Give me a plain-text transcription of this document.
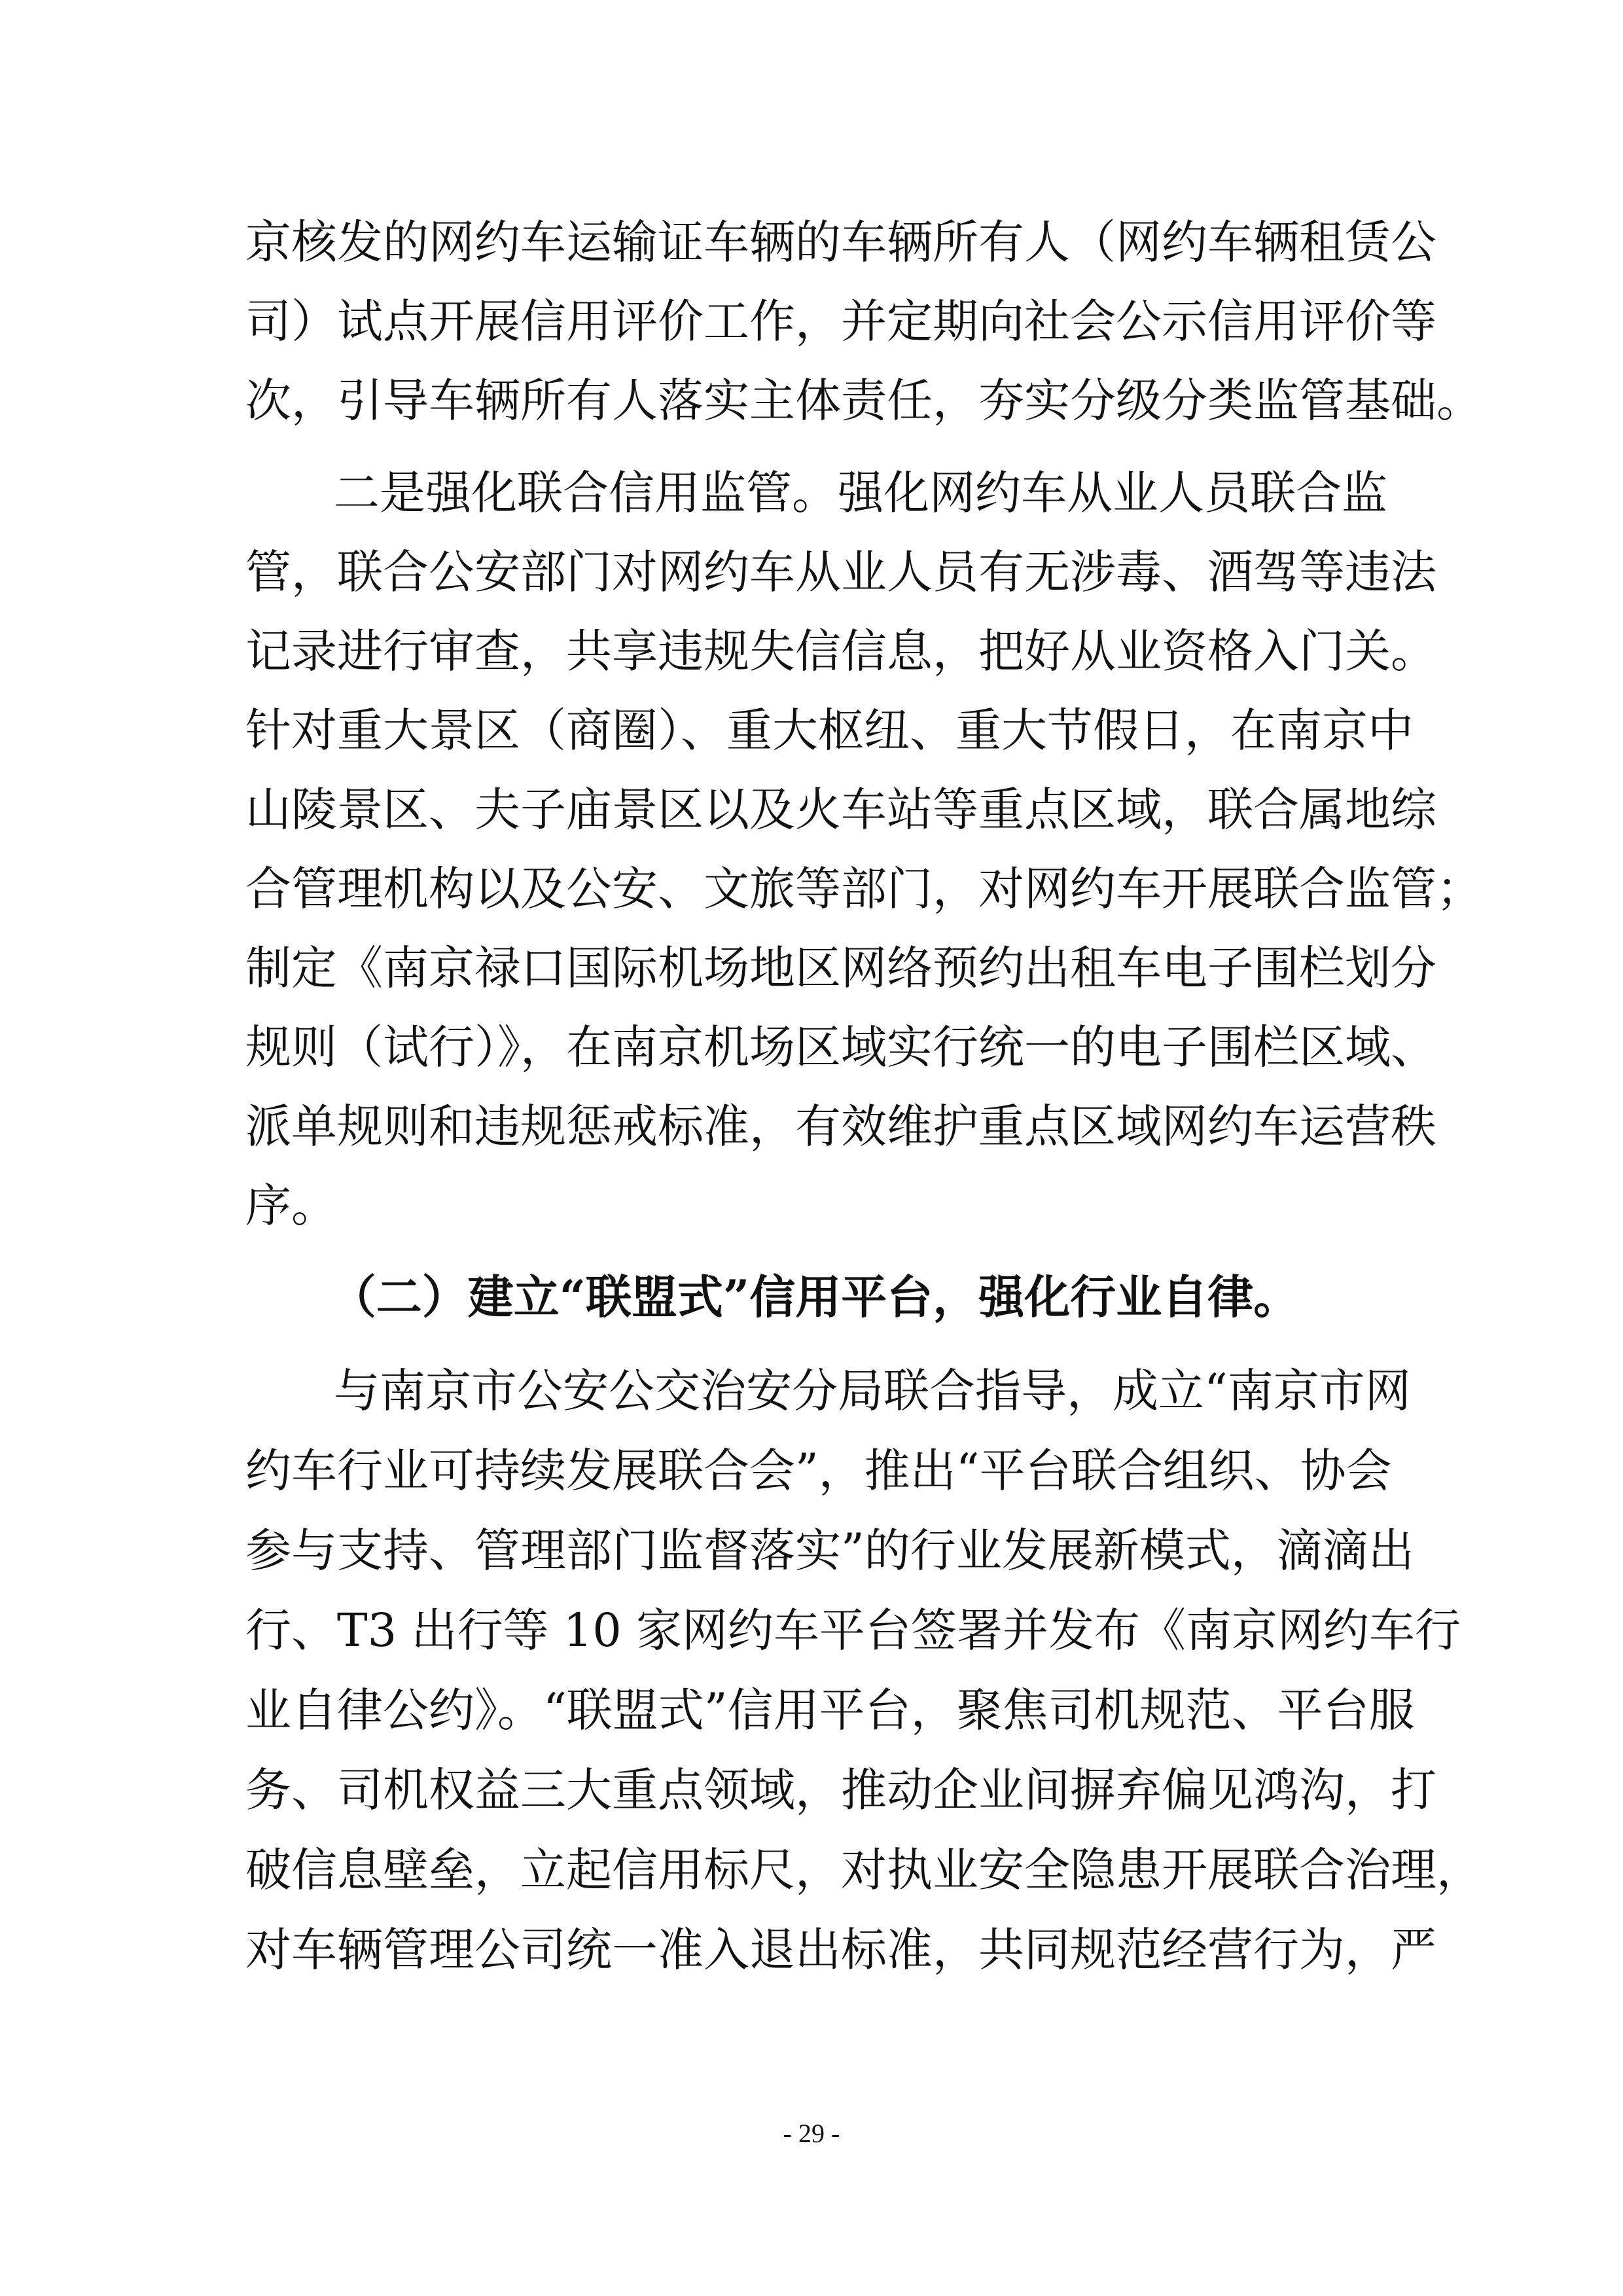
京核发的网约车运输证车辆的车辆所有人（网约车辆租赁公
司）试点开展信用评价工作，并定期向社会公示信用评价等
次，引导车辆所有人落实主体责任，夯实分级分类监管基础。
二是强化联合信用监管。强化网约车从业人员联合监
管，联合公安部门对网约车从业人员有无涉毒、酒驾等违法
记录进行审查，共享违规失信信息，把好从业资格入门关。
针对重大景区（商圈）、重大枢纽、重大节假日，在南京中
山陵景区、夫子庙景区以及火车站等重点区域，联合属地综
合管理机构以及公安、文旅等部门，对网约车开展联合监管；
制定《南京禄口国际机场地区网络预约出租车电子围栏划分
规则（试行）》，在南京机场区域实行统一的电子围栏区域、
派单规则和违规惩戒标准，有效维护重点区域网约车运营秩
序。
（二）建立“联盟式”信用平台，强化行业自律。
与南京市公安公交治安分局联合指导，成立“南京市网
约车行业可持续发展联合会”，推出“平台联合组织、协会
参与支持、管理部门监督落实”的行业发展新模式，滴滴出
行、T3 出行等 10 家网约车平台签署并发布《南京网约车行
业自律公约》。“联盟式”信用平台，聚焦司机规范、平台服
务、司机权益三大重点领域，推动企业间摒弃偏见鸿沟，打
破信息壁垒，立起信用标尺，对执业安全隐患开展联合治理，
对车辆管理公司统一准入退出标准，共同规范经营行为，严
- 29 -
